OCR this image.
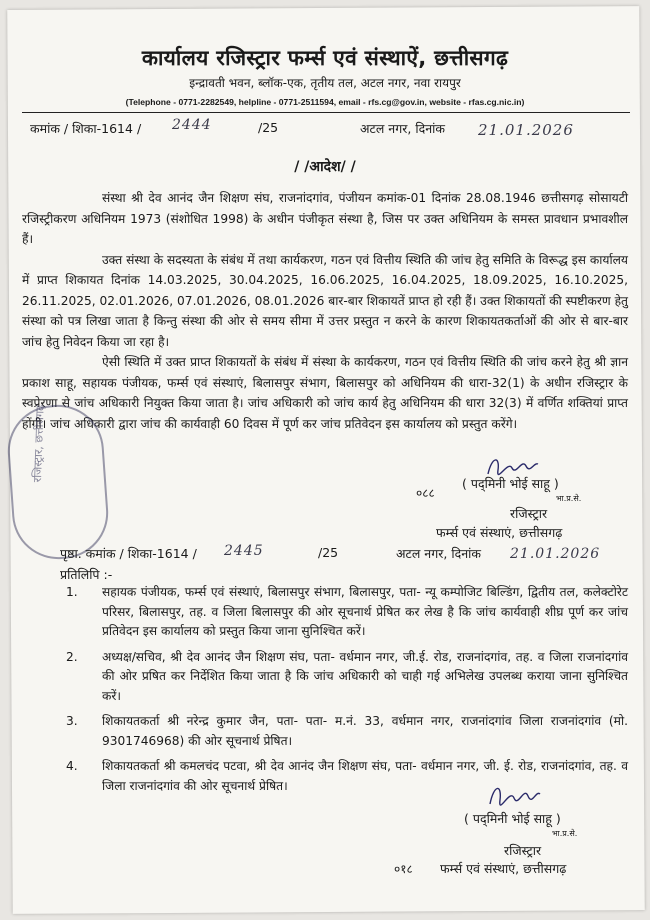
कार्यालय रजिस्ट्रार फर्म्स एवं संस्थाऐं, छत्तीसगढ़
इन्द्रावती भवन, ब्लॉक-एक, तृतीय तल, अटल नगर, नवा रायपुर
(Telephone - 0771-2282549, helpline - 0771-2511594, email - rfs.cg@gov.in, website - rfas.cg.nic.in)
कमांक / शिका-1614 / 2444	/25	अटल नगर, दिनांक 21.01.2026
/ /आदेश/ /

संस्था श्री देव आनंद जैन शिक्षण संघ, राजनांदगांव, पंजीयन कमांक-01 दिनांक 28.08.1946 छत्तीसगढ़ सोसायटी रजिस्ट्रीकरण अधिनियम 1973 (संशोधित 1998) के अधीन पंजीकृत संस्था है, जिस पर उक्त अधिनियम के समस्त प्रावधान प्रभावशील हैं।

उक्त संस्था के सदस्यता के संबंध में तथा कार्यकरण, गठन एवं वित्तीय स्थिति की जांच हेतु समिति के विरूद्ध इस कार्यालय में प्राप्त शिकायत दिनांक 14.03.2025, 30.04.2025, 16.06.2025, 16.04.2025, 18.09.2025, 16.10.2025, 26.11.2025, 02.01.2026, 07.01.2026, 08.01.2026 बार-बार शिकायतें प्राप्त हो रही हैं। उक्त शिकायतों की स्पष्टीकरण हेतु संस्था को पत्र लिखा जाता है किन्तु संस्था की ओर से समय सीमा में उत्तर प्रस्तुत न करने के कारण शिकायतकर्ताओं की ओर से बार-बार जांच हेतु निवेदन किया जा रहा है।

ऐसी स्थिति में उक्त प्राप्त शिकायतों के संबंध में संस्था के कार्यकरण, गठन एवं वित्तीय स्थिति की जांच करने हेतु श्री ज्ञान प्रकाश साहू, सहायक पंजीयक, फर्म्स एवं संस्थाएं, बिलासपुर संभाग, बिलासपुर को अधिनियम की धारा-32(1) के अधीन रजिस्ट्रार के स्वप्रेरणा से जांच अधिकारी नियुक्त किया जाता है। जांच अधिकारी को जांच कार्य हेतु अधिनियम की धारा 32(3) में वर्णित शक्तियां प्राप्त होंगी। जांच अधिकारी द्वारा जांच की कार्यवाही 60 दिवस में पूर्ण कर जांच प्रतिवेदन इस कार्यालय को प्रस्तुत करेंगे।

रजिस्ट्रार, छत्तीसगढ़
०८८
( पद्‌मिनी भोई साहू )
भा.प्र.से.
रजिस्ट्रार
फर्म्स एवं संस्थाएं, छत्तीसगढ़
पृष्ठा. कमांक / शिका-1614 / 2445	/25	अटल नगर, दिनांक 21.01.2026
प्रतिलिपि :-
1. सहायक पंजीयक, फर्म्स एवं संस्थाएं, बिलासपुर संभाग, बिलासपुर, पता- न्यू कम्पोजिट बिल्डिंग, द्वितीय तल, कलेक्टोरेट परिसर, बिलासपुर, तह. व जिला बिलासपुर की ओर सूचनार्थ प्रेषित कर लेख है कि जांच कार्यवाही शीघ्र पूर्ण कर जांच प्रतिवेदन इस कार्यालय को प्रस्तुत किया जाना सुनिश्चित करें।
2. अध्यक्ष/सचिव, श्री देव आनंद जैन शिक्षण संघ, पता- वर्धमान नगर, जी.ई. रोड, राजनांदगांव, तह. व जिला राजनांदगांव की ओर प्रषित कर निर्देशित किया जाता है कि जांच अधिकारी को चाही गई अभिलेख उपलब्ध कराया जाना सुनिश्चित करें।
3. शिकायतकर्ता श्री नरेन्द्र कुमार जैन, पता- पता- म.नं. 33, वर्धमान नगर, राजनांदगांव जिला राजनांदगांव (मो. 9301746968) की ओर सूचनार्थ प्रेषित।
4. शिकायतकर्ता श्री कमलचंद पटवा, श्री देव आनंद जैन शिक्षण संघ, पता- वर्धमान नगर, जी. ई. रोड, राजनांदगांव, तह. व जिला राजनांदगांव की ओर सूचनार्थ प्रेषित।
( पद्‌मिनी भोई साहू )
भा.प्र.से.
रजिस्ट्रार
०१८ फर्म्स एवं संस्थाएं, छत्तीसगढ़
